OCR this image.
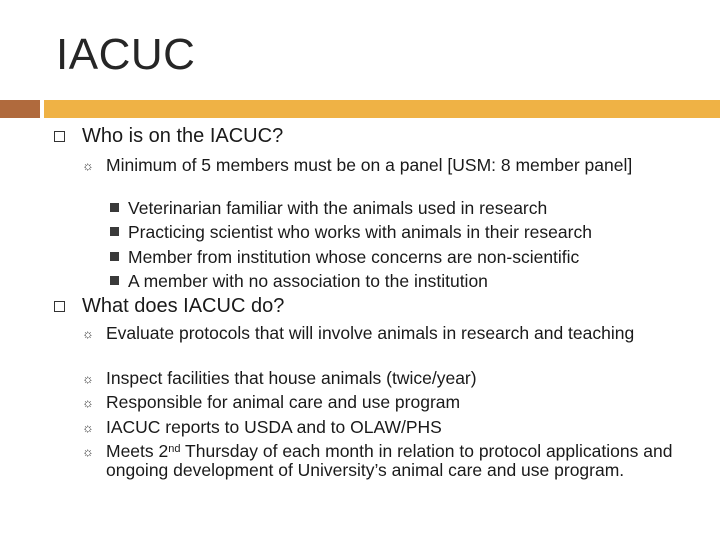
IACUC
Who is on the IACUC?
☼ Minimum of 5 members must be on a panel [USM: 8 member panel]
Veterinarian familiar with the animals used in research
Practicing scientist who works with animals in their research
Member from institution whose concerns are non-scientific
A member with no association to the institution
What does IACUC do?
☼ Evaluate protocols that will involve animals in research and teaching
☼ Inspect facilities that house animals (twice/year)
☼ Responsible for animal care and use program
☼ IACUC reports to USDA and to OLAW/PHS
☼ Meets 2nd Thursday of each month in relation to protocol applications and ongoing development of University’s animal care and use program.
